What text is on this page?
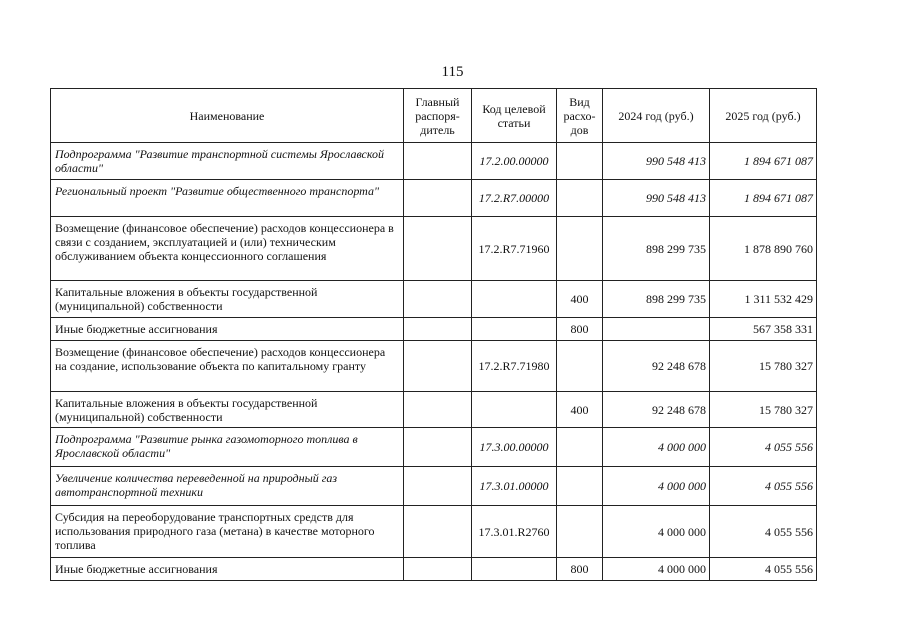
115
Наименование	Главный распоря-дитель	Код целевой статьи	Вид расхо-дов	2024 год (руб.)	2025 год (руб.)
Подпрограмма "Развитие транспортной системы Ярославской области"		17.2.00.00000		990 548 413	1 894 671 087
Региональный проект "Развитие общественного транспорта"		17.2.R7.00000		990 548 413	1 894 671 087
Возмещение (финансовое обеспечение) расходов концессионера в связи с созданием, эксплуатацией и (или) техническим обслуживанием объекта концессионного соглашения		17.2.R7.71960		898 299 735	1 878 890 760
Капитальные вложения в объекты государственной (муниципальной) собственности			400	898 299 735	1 311 532 429
Иные бюджетные ассигнования			800		567 358 331
Возмещение (финансовое обеспечение) расходов концессионера на создание, использование объекта по капитальному гранту		17.2.R7.71980		92 248 678	15 780 327
Капитальные вложения в объекты государственной (муниципальной) собственности			400	92 248 678	15 780 327
Подпрограмма "Развитие рынка газомоторного топлива в Ярославской области"		17.3.00.00000		4 000 000	4 055 556
Увеличение количества переведенной на природный газ автотранспортной техники		17.3.01.00000		4 000 000	4 055 556
Субсидия на переоборудование транспортных средств для использования природного газа (метана) в качестве моторного топлива		17.3.01.R2760		4 000 000	4 055 556
Иные бюджетные ассигнования			800	4 000 000	4 055 556
